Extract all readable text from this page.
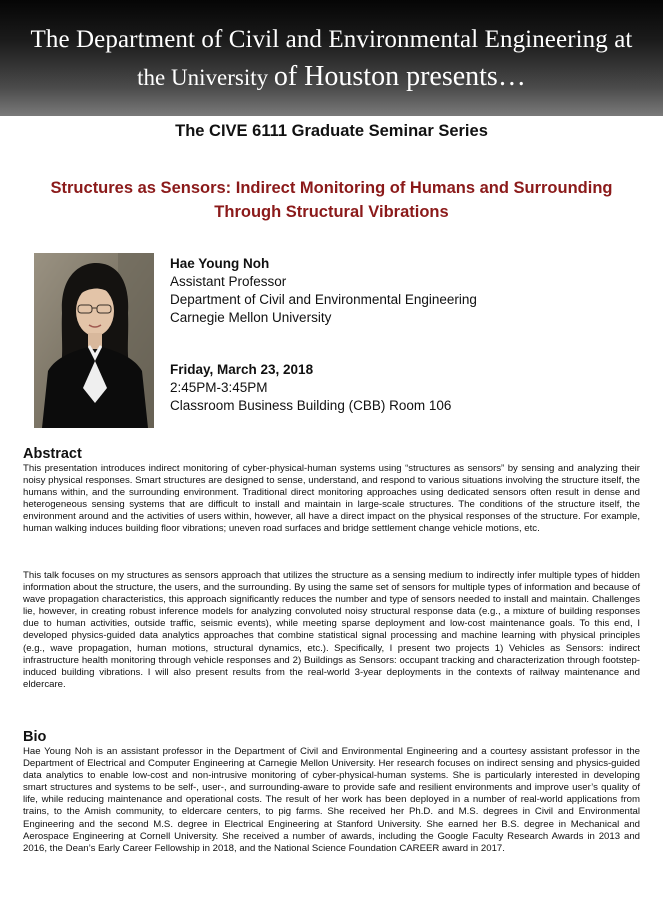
The Department of Civil and Environmental Engineering at
the University of Houston presents…
The CIVE 6111 Graduate Seminar Series
Structures as Sensors: Indirect Monitoring of Humans and Surrounding Through Structural Vibrations
Hae Young Noh
Assistant Professor
Department of Civil and Environmental Engineering
Carnegie Mellon University
Friday, March 23, 2018
2:45PM-3:45PM
Classroom Business Building (CBB) Room 106
Abstract
This presentation introduces indirect monitoring of cyber-physical-human systems using “structures as sensors” by sensing and analyzing their noisy physical responses. Smart structures are designed to sense, understand, and respond to various situations involving the structure itself, the humans within, and the surrounding environment. Traditional direct monitoring approaches using dedicated sensors often result in dense and heterogeneous sensing systems that are difficult to install and maintain in large-scale structures. The conditions of the structure itself, the environment around and the activities of users within, however, all have a direct impact on the physical responses of the structure. For example, human walking induces building floor vibrations; uneven road surfaces and bridge settlement change vehicle motions, etc.
This talk focuses on my structures as sensors approach that utilizes the structure as a sensing medium to indirectly infer multiple types of hidden information about the structure, the users, and the surrounding. By using the same set of sensors for multiple types of information and because of wave propagation characteristics, this approach significantly reduces the number and type of sensors needed to install and maintain. Challenges lie, however, in creating robust inference models for analyzing convoluted noisy structural response data (e.g., a mixture of building responses due to human activities, outside traffic, seismic events), while meeting sparse deployment and low-cost maintenance goals. To this end, I developed physics-guided data analytics approaches that combine statistical signal processing and machine learning with physical principles (e.g., wave propagation, human motions, structural dynamics, etc.). Specifically, I present two projects 1) Vehicles as Sensors: indirect infrastructure health monitoring through vehicle responses and 2) Buildings as Sensors: occupant tracking and characterization through footstep-induced building vibrations. I will also present results from the real-world 3-year deployments in the contexts of railway maintenance and eldercare.
Bio
Hae Young Noh is an assistant professor in the Department of Civil and Environmental Engineering and a courtesy assistant professor in the Department of Electrical and Computer Engineering at Carnegie Mellon University. Her research focuses on indirect sensing and physics-guided data analytics to enable low-cost and non-intrusive monitoring of cyber-physical-human systems. She is particularly interested in developing smart structures and systems to be self-, user-, and surrounding-aware to provide safe and resilient environments and improve user’s quality of life, while reducing maintenance and operational costs. The result of her work has been deployed in a number of real-world applications from trains, to the Amish community, to eldercare centers, to pig farms. She received her Ph.D. and M.S. degrees in Civil and Environmental Engineering and the second M.S. degree in Electrical Engineering at Stanford University. She earned her B.S. degree in Mechanical and Aerospace Engineering at Cornell University. She received a number of awards, including the Google Faculty Research Awards in 2013 and 2016, the Dean’s Early Career Fellowship in 2018, and the National Science Foundation CAREER award in 2017.
